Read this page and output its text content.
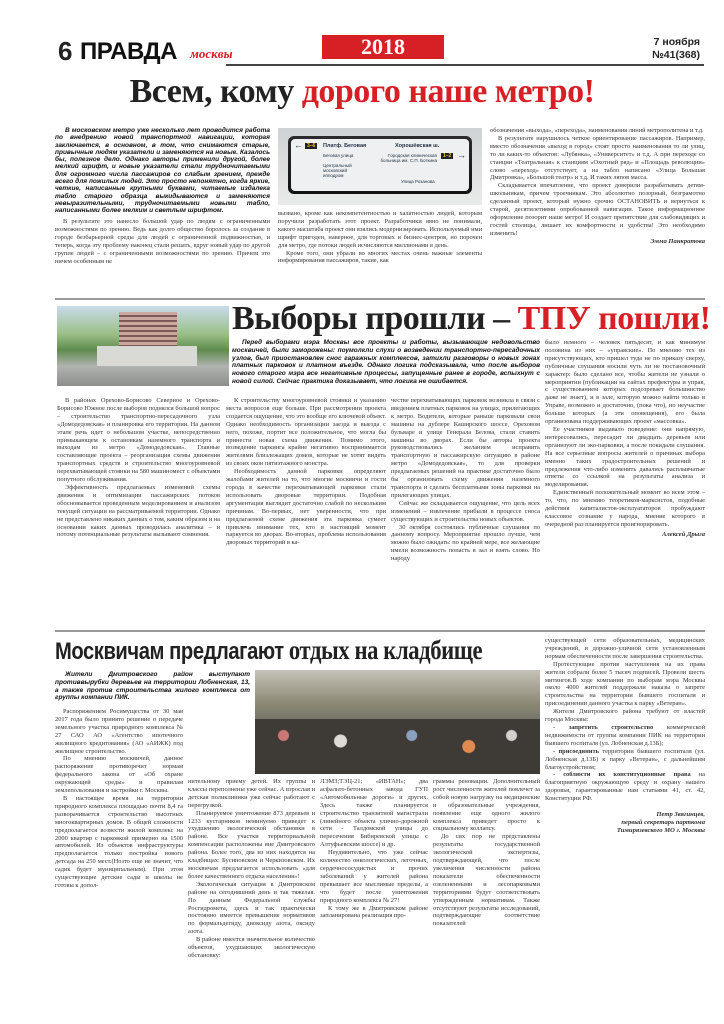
6 ПРАВДА москвы	2018	7 ноября
№41(368)
Всем, кому дорого наше метро!

В московском метро уже несколько лет проводится работа по внедрению новой транспортной навигации, которая заключается, в основном, в том, что снимаются старые, привычные людям указатели и заменяются на новые. Казалось бы, полезное дело. Однако авторы применили другой, более мелкий шрифт, и новые указатели стали трудночитаемыми для огромного числа пассажиров со слабым зрением, прежде всего для пожилых людей. Это просто непонятно, когда яркие, четкие, написанные крупными буквами, читаемые издалека табло старого образца выкидываются и заменяются невыразительными, трудночитаемыми новыми табло, написанными более мелким и светлым шрифтом.

В результате это нанесло большой удар по людям с ограниченными возможностями по зрению. Ведь как долго общество боролось за создание в городе безбарьерной среды для людей с ограниченной подвижностью, и теперь, когда эту проблему наконец стали решать, вдруг новый удар по другой группе людей – с ограниченными возможностями по зрению. Причем это ничем особенным не

← 3–6	Платф. Беговая
Беговая улица
Центральный московский ипподром
Хорошёвская ш.
1–2 →
Городская клиническая больница им. С.П. Боткина
Улица Розанова

вызвано, кроме как некомпетентностью и халатностью людей, которым поручили разработать этот проект. Разработчики явно не понимали, какого масштаба проект они взялись модернизировать. Используемый ими шрифт пригоден, наверное, для торговых и бизнес-центров, но порочен для метро, где потоки людей исчисляются миллионами в день.

Кроме того, они убрали во многих местах очень важные элементы информирования пассажиров, такие, как

обозначения «выхода», «перехода», наименования линий метрополитена и т.д.

В результате нарушилось четкое ориентирование пассажиров. Например, вместо обозначения «выход в город» стоят просто наименования то ли улиц, то ли каких-то объектов: «Лубянка», «Университет» и т.д. А при переходе со станции «Театральная» к станциям «Охотный ряд» и «Площадь революции» слово «переход» отсутствует, а на табло написано «Улица Большая Дмитровка», «Большой театр» и т.д. И таких ляпов масса.

Складывается впечатление, что проект доверили разрабатывать детям-школьникам, причем троечникам. Это абсолютно позорный, безграмотно сделанный проект, который нужно срочно ОСТАНОВИТЬ и вернуться к старой, десятилетиями опробованной навигации. Такое информационное оформление позорит наше метро! И создает препятствие для слабовидящих и гостей столицы, лишает их комфортности и удобства! Это необходимо изменить!

Эмма Панкратова
Выборы прошли – ТПУ пошли!

Перед выборами мэра Москвы все проекты и работы, вызывающие недовольство москвичей, были заморожены: поумолкли слухи о возведении транспортно-пересадочных узлов, был приостановлен снос гаражных комплексов, затихли разговоры о новых зонах платных парковок и платном въезде. Однако логика подсказывала, что после выборов нового старого мэра все негативные процессы, запущенные ранее в городе, вспыхнут с новой силой. Сейчас практика доказывает, что логика не ошибается.

В районах Орехово-Борисово Северное и Орехово-Борисово Южное после выборов поднялся большой вопрос – строительство транспортно-пересадочного узла «Домодедовская» и планировка его территории. На данном этапе речь идет о небольшом участке, непосредственно примыкающем к остановкам наземного транспорта и выходам из метро «Домодедовская». Главные составляющие проекта – реорганизация схемы движения транспортных средств и строительство многоуровневой перехватывающей стоянки на 580 машиномест с объектами попутного обслуживания.

Эффективность предлагаемых изменений схемы движения и оптимизации пассажирских потоков обосновывается проведенным моделированием и анализом текущей ситуации на рассматриваемой территории. Однако не представлено никаких данных о том, каким образом и на основании каких данных проводилась аналитика – и потому потенциальные результаты вызывают сомнения.

К строительству многоуровневой стоянки и указанию места вопросов еще больше. При рассмотрении проекта создается ощущение, что это вообще его ключевой объект. Однако необходимость организации заезда и выезда с него, похоже, портит все положительное, что могла бы принести новая схема движения. Помимо этого, возведение паркинга крайне негативно воспринимается жителями близлежащих домов, которые не хотят видеть из своих окон пятиэтажного монстра.

Необходимость данной парковки определяют жалобами жителей на то, что многие москвичи и гости города в качестве перехватывающей парковки стали использовать дворовые территории. Подобная аргументация выглядит достаточно слабой по нескольким причинам. Во-первых, нет уверенности, что при предлагаемой схеме движения эта парковка сумеет привлечь внимание тех, кто в настоящий момент паркуется во дворах. Во-вторых, проблема использования дворовых территорий в ка-

честве перехватывающих парковок возникла в связи с введением платных парковок на улицах, прилегающих к метро. Водители, которые раньше парковали свои машины на дублере Каширского шоссе, Ореховом бульваре и улице Генерала Белова, стали ставить машины во дворах. Если бы авторы проекта руководствовались желанием исправить транспортную и пассажирскую ситуацию в районе метро «Домодедовская», то для проверки предлагаемых решений на практике достаточно было бы организовать схему движения наземного транспорта и сделать бесплатными зоны парковки на прилегающих улицах.

Сейчас же складывается ощущение, что цель всех изменений – извлечение прибыли в процессе сноса существующих и строительства новых объектов.

30 октября состоялись публичные слушания по данному вопросу. Мероприятие прошло лучше, чем можно было ожидать: по крайней мере, все желающие имели возможность попасть в зал и взять слово. Но народу

было немного – человек пятьдесят, и как минимум половина из них – «управские». По мнению тех из присутствующих, кто пришел туда не по приказу сверху, публичные слушания носили чуть ли не постановочный характер: было сделано все, чтобы жители не узнали о мероприятии (публикации на сайтах префектуры и управ, с существованием которых подозревает большинство даже не знает), и в зале, которую можно найти только в Управе, возможно и достаточно, (пока что), но неучастие больше которых (а эти оповещения), его была организована поддерживающих проект «массовка».

Ее участников выдавало поведение: они напрямую, интересовались, пересадит ли двадцать деревьев или организуют ли эко-парковки, а после покидали слушания. На все серьезные вопросы жителей о причинах выбора именно таких градостроительных решений и предлежения что-либо изменить давались расплывчатые ответы со ссылкой на результаты анализа и моделирования.

Единственный положительный момент во всем этом – то, что, по мнению теоретиков-марксистов, подобные действия капиталистов-эксплуататоров пробуждают классовое сознание у народа, мнение которого в очередной раз планируется проигнорировать.

Алексей Дрыга
Москвичам предлагают отдых на кладбище

Жители Дмитровского район выступают противвырубки деревьев на территории Лобненская, 13, а также против строительства жилого комплекса от группы компании ПИК.

Распоряжением Росимущества от 30 мая 2017 года было принято решение о передаче земельного участка природного комплекса № 27 САО АО «Агентство ипотечного жилищного кредитования» (АО «АИЖК) под жилищное строительство.

По мнению москвичей, данное распоряжение противоречит нормам федерального закона от «Об охране окружающей среды» и правилам землепользования и застройки г. Москвы.

В настоящее время на территории природного комплекса площадью почти 8,4 га разворачивается строительство высотных многоквартирных домов. В общей сложности предполагается возвести жилой комплекс на 2000 квартир с парковкой примерно на 1500 автомобилей. Из объектов инфраструктуры предполагается только постройка нового детсада на 250 мест.(Нозто еще не значит, что садик будет муниципальным). При этом существующие детские сады и школы не готовы к допол-

нительному приему детей. Их группы и классы переполнены уже сейчас. А взрослая и детская поликлиники уже сейчас работают с перегрузкой.

Планируемое уничтожение 873 деревьев и 1233 кустарников неминуемо приведет к ухудшению экологической обстановки в районе. Все участки территориальной компенсации расположены вне Дмитровского района. Более того, два из них находятся на кладбищах: Бусиновском и Черкизовском. Их москвичам предлагается использовать «для более качественного отдыха населения»!

Экологическая ситуация в Дмитровском районе на сегодняшний день и так тяжелая. По данным Федеральной службы Росгидромета, здесь и так практически постоянно имеется превышение нормативов по формальдегиду, диоксиду азота, оксиду азота.

В районе имеется значительное количество объектов, ухудшающих экологическую обстановку:

ЛЭМЗ;ТЭЦ-21; «ИВТАН»; два асфальто-бетонных завода ГУП «Автомобильные дороги» и других. Здесь также планируется строительство транзитной магистрали (линейного объекта улично-дорожной сети - Талдомской улицы до пересечения Бибиревской улицы с Алтуфьевским шоссе) и др.

Неудивительно, что уже сейчас количество онкологических, легочных, сердечнососудистых и прочих заболеваний у жителей района превышает все мыслимые пределы, а что будет после уничтожения природного комплекса № 27!

К тому же в Дмитровском районе запланирована реализация про-

граммы реновации. Дополнительный рост численности жителей повлечет за собой новую нагрузку на медицинские и образовательные учреждения, появление еще одного жилого комплекса приведет просто к социальному коллапсу.

До сих пор не представлены результаты государственной экологической экспертизы, подтверждающей, что после увеличения численности района показатели обеспеченности озелененными и лесопарковыми территориями будут соответствовать утвержденным нормативам. Также отсутствуют результаты исследований, подтверждающие соответствие показателей

существующей сети образовательных, медицинских учреждений, и дорожно-уличной сети установленным нормам обеспеченности после завершения строительства.

Протестующие против наступления на их права жители собрали более 5 тысяч подписей. Провели шесть митингов.В ходе компании по выборам мэра Москвы около 4000 жителей поддержали наказы о запрете строительства на территории бывшего госпиталя и присоединении данного участка к парку «Ветеран».

Жители Дмитровского района требуют от властей города Москвы:

- запретить строительство коммерческой недвижимости от группы компании ПИК на территории бывшего госпиталя (ул. Лобненская д.13Б);

- присоединить территории бывшего госпиталя (ул. Лобненская д.13Б) к парку «Ветеран», с дальнейшим благоустройством;

- соблюсти их конституционные права на благоприятную окружающую среду и охрану нашего здоровья, гарантированные нам статьями 41, ст. 42, Конституции РФ.

Петр Звягинцев,
первый секретарь парткома
Тимирязевского МО г. Москвы
